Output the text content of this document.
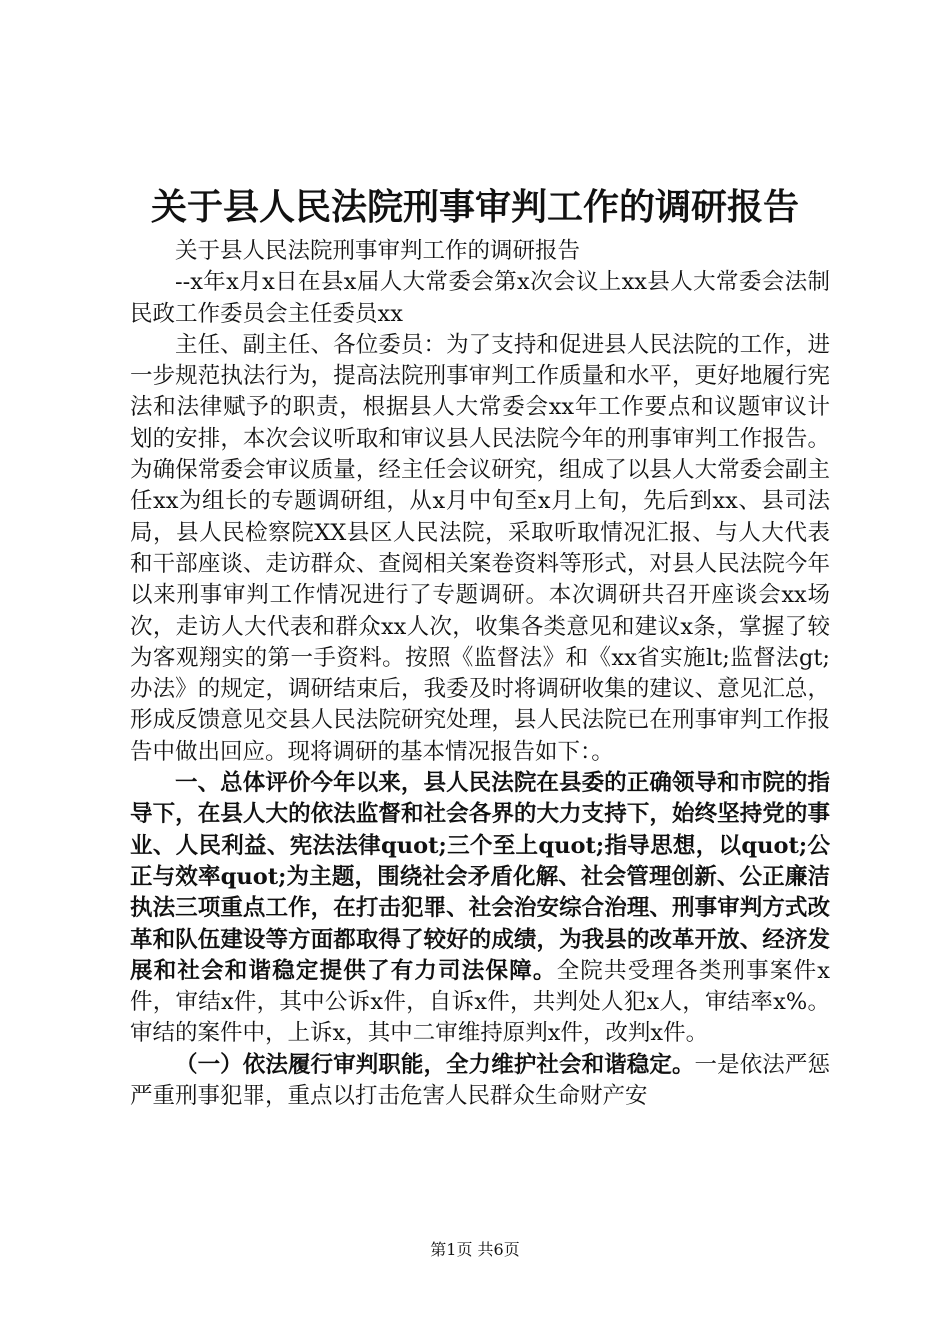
关于县人民法院刑事审判工作的调研报告

关于县人民法院刑事审判工作的调研报告

--x年x月x日在县x届人大常委会第x次会议上xx县人大常委会法制民政工作委员会主任委员xx

主任、副主任、各位委员：为了支持和促进县人民法院的工作，进一步规范执法行为，提高法院刑事审判工作质量和水平，更好地履行宪法和法律赋予的职责，根据县人大常委会xx年工作要点和议题审议计划的安排，本次会议听取和审议县人民法院今年的刑事审判工作报告。为确保常委会审议质量，经主任会议研究，组成了以县人大常委会副主任xx为组长的专题调研组，从x月中旬至x月上旬，先后到xx、县司法局，县人民检察院XX县区人民法院，采取听取情况汇报、与人大代表和干部座谈、走访群众、查阅相关案卷资料等形式，对县人民法院今年以来刑事审判工作情况进行了专题调研。本次调研共召开座谈会xx场次，走访人大代表和群众xx人次，收集各类意见和建议x条，掌握了较为客观翔实的第一手资料。按照《监督法》和《xx省实施lt;监督法gt;办法》的规定，调研结束后，我委及时将调研收集的建议、意见汇总，形成反馈意见交县人民法院研究处理，县人民法院已在刑事审判工作报告中做出回应。现将调研的基本情况报告如下：。

一、总体评价今年以来，县人民法院在县委的正确领导和市院的指导下，在县人大的依法监督和社会各界的大力支持下，始终坚持党的事业、人民利益、宪法法律quot;三个至上quot;指导思想，以quot;公正与效率quot;为主题，围绕社会矛盾化解、社会管理创新、公正廉洁执法三项重点工作，在打击犯罪、社会治安综合治理、刑事审判方式改革和队伍建设等方面都取得了较好的成绩，为我县的改革开放、经济发展和社会和谐稳定提供了有力司法保障。全院共受理各类刑事案件x件，审结x件，其中公诉x件，自诉x件，共判处人犯x人，审结率x%。审结的案件中，上诉x，其中二审维持原判x件，改判x件。

（一）依法履行审判职能，全力维护社会和谐稳定。一是依法严惩严重刑事犯罪，重点以打击危害人民群众生命财产安

第1页 共6页
